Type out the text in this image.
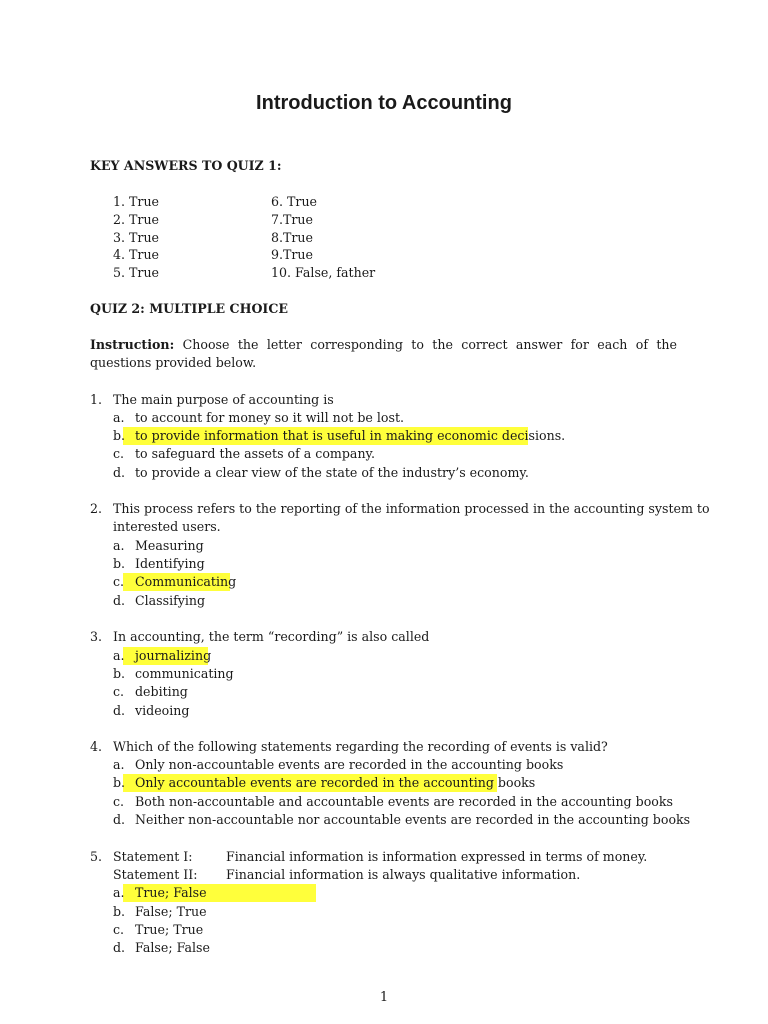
Introduction to Accounting
KEY ANSWERS TO QUIZ 1:
1. True
2. True
3. True
4. True
5. True
6. True
7.True
8.True
9.True
10. False, father
QUIZ 2: MULTIPLE CHOICE
Instruction: Choose the letter corresponding to the correct answer for each of the questions provided below.
1. The main purpose of accounting is
a. to account for money so it will not be lost.
b. to provide information that is useful in making economic decisions.
c. to safeguard the assets of a company.
d. to provide a clear view of the state of the industry’s economy.
2. This process refers to the reporting of the information processed in the accounting system to
interested users.
a. Measuring
b. Identifying
c. Communicating
d. Classifying
3. In accounting, the term “recording” is also called
a. journalizing
b. communicating
c. debiting
d. videoing
4. Which of the following statements regarding the recording of events is valid?
a. Only non-accountable events are recorded in the accounting books
b. Only accountable events are recorded in the accounting books
c. Both non-accountable and accountable events are recorded in the accounting books
d. Neither non-accountable nor accountable events are recorded in the accounting books
5. Statement I:	Financial information is information expressed in terms of money.
Statement II: Financial information is always qualitative information.
a. True; False
b. False; True
c. True; True
d. False; False
1
